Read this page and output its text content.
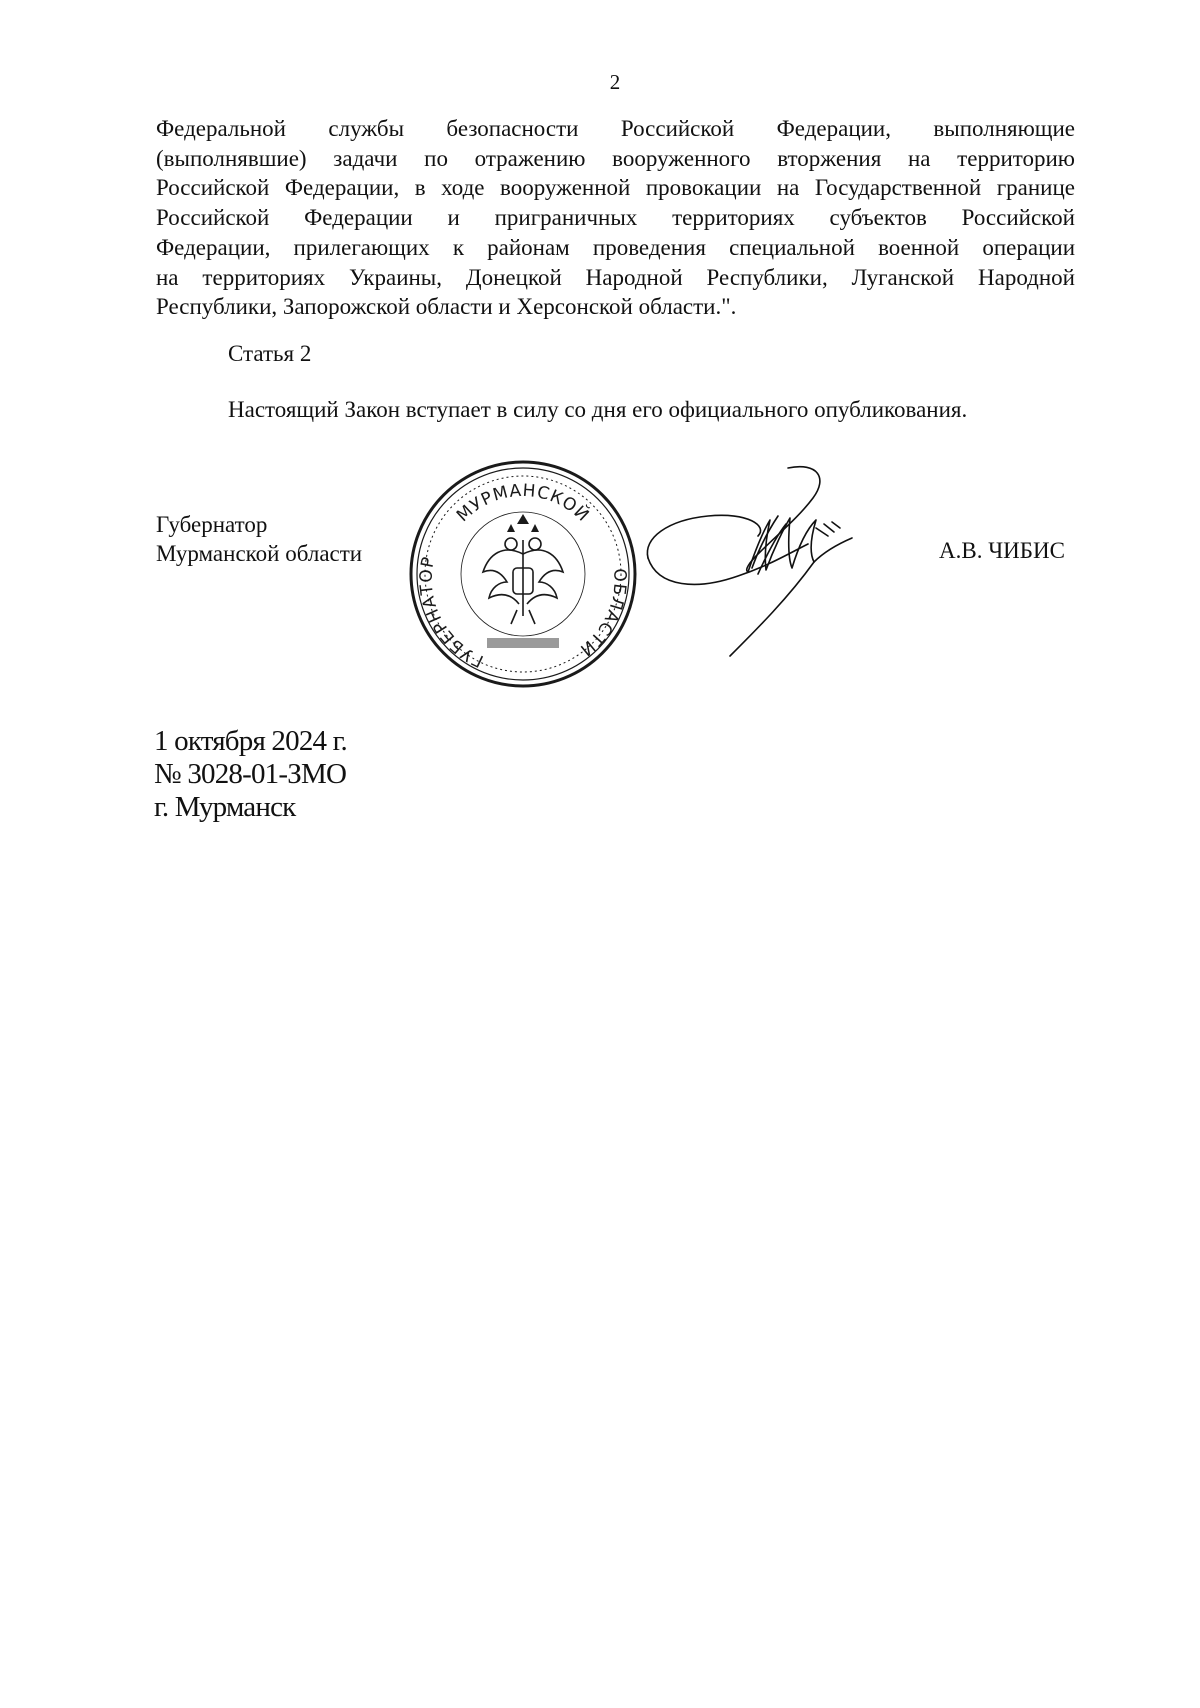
2
Федеральной службы безопасности Российской Федерации, выполняющие
(выполнявшие) задачи по отражению вооруженного вторжения на территорию
Российской Федерации, в ходе вооруженной провокации на Государственной границе
Российской Федерации и приграничных территориях субъектов Российской
Федерации, прилегающих к районам проведения специальной военной операции
на территориях Украины, Донецкой Народной Республики, Луганской Народной
Республики, Запорожской области и Херсонской области.".
Статья 2
Настоящий Закон вступает в силу со дня его официального опубликования.
Губернатор
Мурманской области
МУРМАНСКОЙ
ГУБЕРНАТОР
ОБЛАСТИ
А.В. ЧИБИС
1 октября 2024 г.
№ 3028-01-ЗМО
г. Мурманск
